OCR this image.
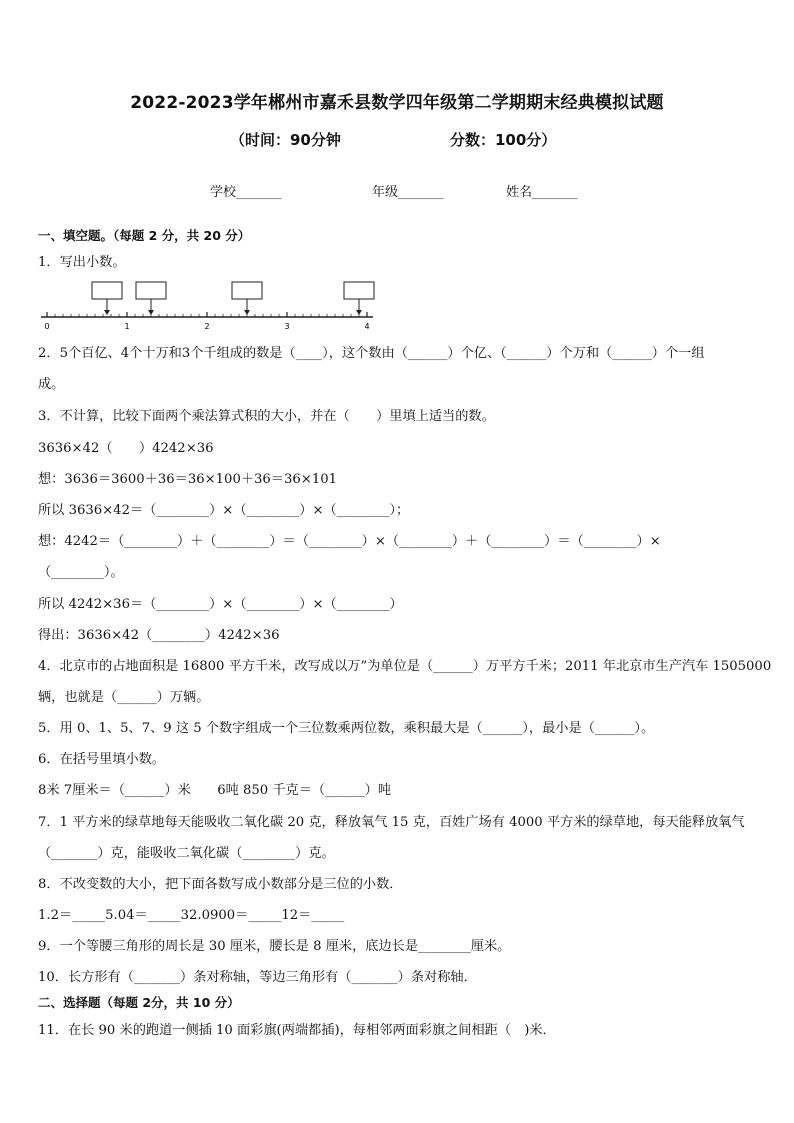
2022-2023学年郴州市嘉禾县数学四年级第二学期期末经典模拟试题
（时间：90分钟	分数：100分）
学校_______	年级_______	姓名_______
一、填空题。（每题 2 分，共 20 分）
1．写出小数。
0	1	2	3	4
2．5个百亿、4个十万和3个千组成的数是（____），这个数由（______）个亿、（______）个万和（______）个一组
成。
3．不计算，比较下面两个乘法算式积的大小，并在（　　）里填上适当的数。
3636×42（　　）4242×36
想：3636＝3600＋36＝36×100＋36＝36×101
所以 3636×42＝（________）×（________）×（________）；
想：4242＝（________）＋（________）＝（________）×（________）＋（________）＝（________）×
（________）。
所以 4242×36＝（________）×（________）×（________）
得出：3636×42（________）4242×36
4．北京市的占地面积是 16800 平方千米，改写成以万”为单位是（______）万平方千米；2011 年北京市生产汽车 1505000
辆，也就是（______）万辆。
5．用 0、1、5、7、9 这 5 个数字组成一个三位数乘两位数，乘积最大是（______），最小是（______）。
6．在括号里填小数。
8米 7厘米＝（______）米　　6吨 850 千克＝（______）吨
7．1 平方米的绿草地每天能吸收二氧化碳 20 克，释放氧气 15 克，百姓广场有 4000 平方米的绿草地，每天能释放氧气
（_______）克，能吸收二氧化碳（________）克。
8．不改变数的大小，把下面各数写成小数部分是三位的小数．
1.2＝_____5.04＝_____32.0900＝_____12＝_____
9．一个等腰三角形的周长是 30 厘米，腰长是 8 厘米，底边长是________厘米。
10．长方形有（_______）条对称轴，等边三角形有（_______）条对称轴．
二、选择题（每题 2分，共 10 分）
11．在长 90 米的跑道一侧插 10 面彩旗(两端都插)，每相邻两面彩旗之间相距（　)米．
